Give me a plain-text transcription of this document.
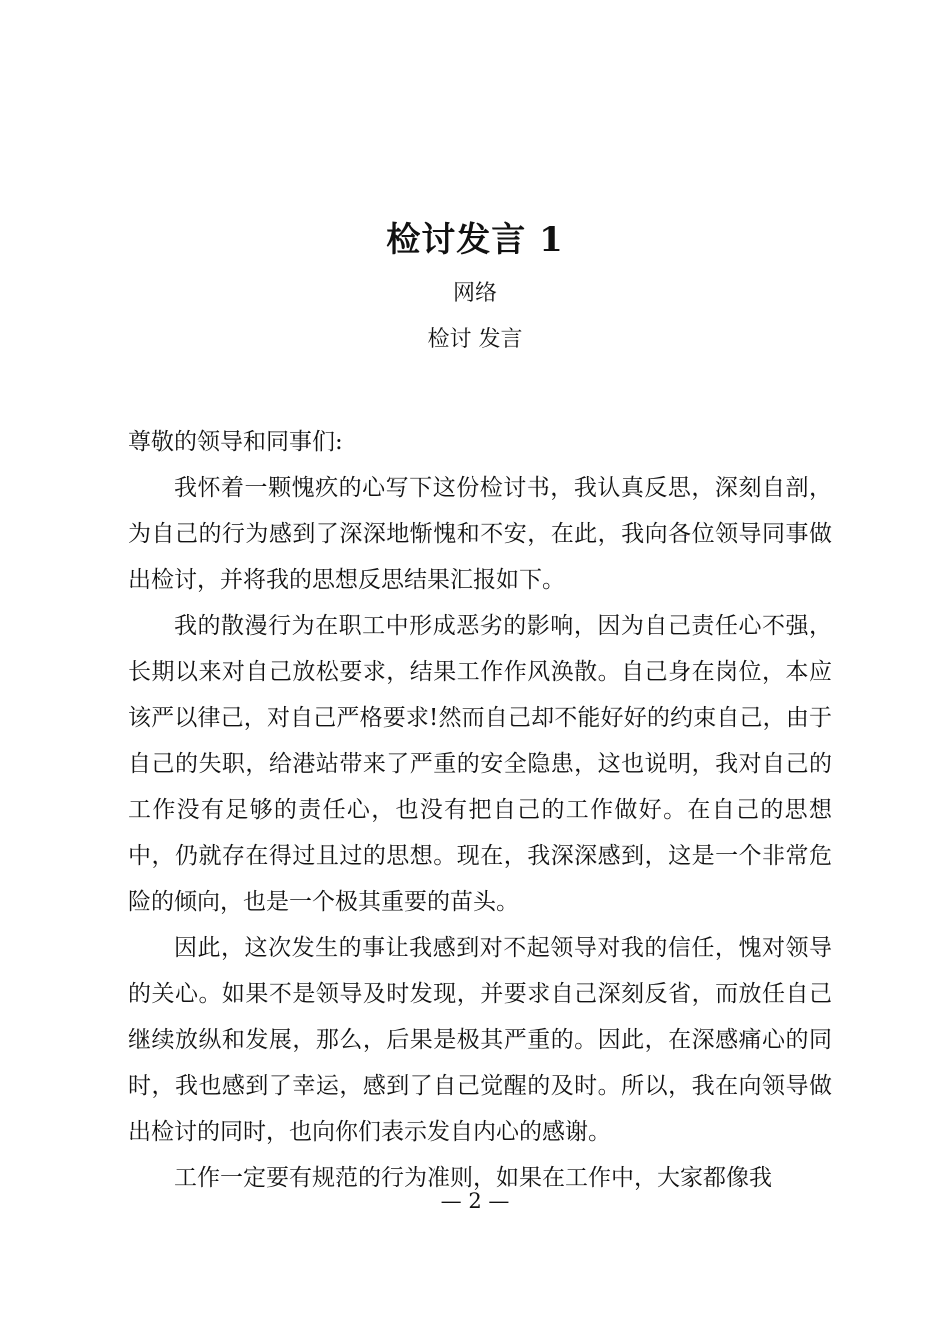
检讨发言 1
网络
检讨 发言

尊敬的领导和同事们:

我怀着一颗愧疚的心写下这份检讨书，我认真反思，深刻自剖，为自己的行为感到了深深地惭愧和不安，在此，我向各位领导同事做出检讨，并将我的思想反思结果汇报如下。

我的散漫行为在职工中形成恶劣的影响，因为自己责任心不强，长期以来对自己放松要求，结果工作作风涣散。自己身在岗位，本应该严以律己，对自己严格要求!然而自己却不能好好的约束自己，由于自己的失职，给港站带来了严重的安全隐患，这也说明，我对自己的工作没有足够的责任心，也没有把自己的工作做好。在自己的思想中，仍就存在得过且过的思想。现在，我深深感到，这是一个非常危险的倾向，也是一个极其重要的苗头。

因此，这次发生的事让我感到对不起领导对我的信任，愧对领导的关心。如果不是领导及时发现，并要求自己深刻反省，而放任自己继续放纵和发展，那么，后果是极其严重的。因此，在深感痛心的同时，我也感到了幸运，感到了自己觉醒的及时。所以，我在向领导做出检讨的同时，也向你们表示发自内心的感谢。

工作一定要有规范的行为准则，如果在工作中，大家都像我

— 2 —
